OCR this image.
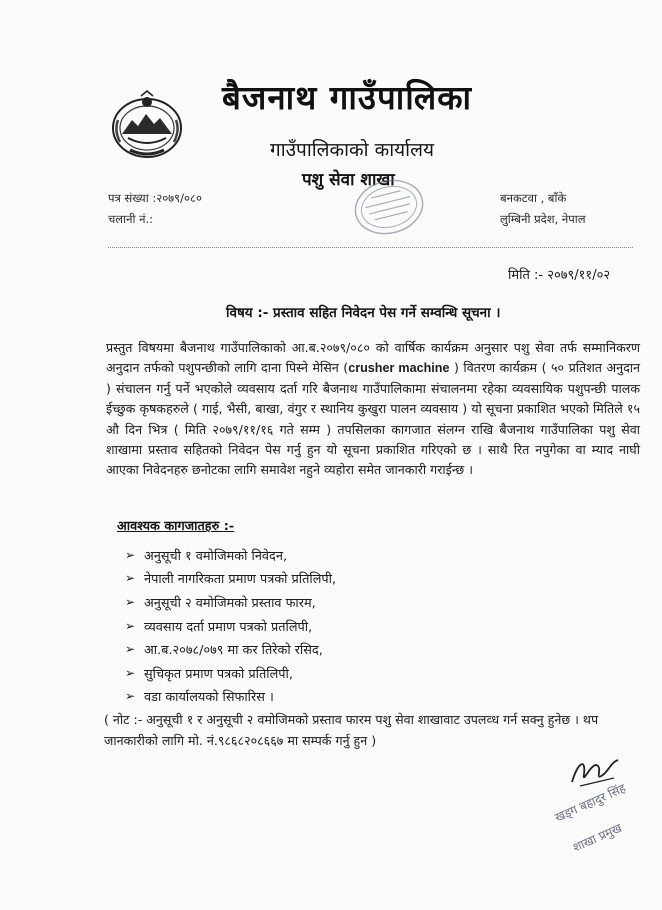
बैजनाथ गाउँपालिका
गाउँपालिकाको कार्यालय
पशु सेवा शाखा
पत्र संख्या :२०७९/०८०
चलानी नं.:
बनकटवा , बाँके
लुम्बिनी प्रदेश, नेपाल
मिति :- २०७९/११/०२
विषय :- प्रस्ताव सहित निवेदन पेस गर्ने सम्वन्धि सूचना ।
प्रस्तुत विषयमा बैजनाथ गाउँपालिकाको आ.ब.२०७९/०८० को वार्षिक कार्यक्रम अनुसार पशु सेवा तर्फ सम्मानिकरण अनुदान तर्फको पशुपन्छीको लागि दाना पिस्ने मेसिन (crusher machine ) वितरण कार्यक्रम ( ५० प्रतिशत अनुदान ) संचालन गर्नु पर्ने भएकोले व्यवसाय दर्ता गरि बैजनाथ गाउँपालिकामा संचालनमा रहेका व्यवसायिक पशुपन्छी पालक ईच्छुक कृषकहरुले ( गाई, भैसी, बाखा, वंगुर र स्थानिय कुखुरा पालन व्यवसाय ) यो सूचना प्रकाशित भएको मितिले १५ औ दिन भित्र ( मिति २०७९/११/१६ गते सम्म ) तपसिलका कागजात संलग्न राखि बैजनाथ गाउँपालिका पशु सेवा शाखामा प्रस्ताव सहितको निवेदन पेस गर्नु हुन यो सूचना प्रकाशित गरिएको छ । साथै रित नपुगेका वा म्याद नाघी आएका निवेदनहरु छनोटका लागि समावेश नहुने व्यहोरा समेत जानकारी गराईन्छ ।
आवश्यक कागजातहरु :-
➢ अनुसूची १ वमोजिमको निवेदन,
➢ नेपाली नागरिकता प्रमाण पत्रको प्रतिलिपी,
➢ अनुसूची २ वमोजिमको प्रस्ताव फारम,
➢ व्यवसाय दर्ता प्रमाण पत्रको प्रतलिपी,
➢ आ.ब.२०७८/०७९ मा कर तिरेको रसिद,
➢ सुचिकृत प्रमाण पत्रको प्रतिलिपी,
➢ वडा कार्यालयको सिफारिस ।
( नोट :- अनुसूची १ र अनुसूची २ वमोजिमको प्रस्ताव फारम पशु सेवा शाखावाट उपलव्ध गर्न सक्नु हुनेछ । थप जानकारीको लागि मो. नं.९८६८२०८६६७ मा सम्पर्क गर्नु हुन )
खड्ग बहादुर सिंह
शाखा प्रमुख
